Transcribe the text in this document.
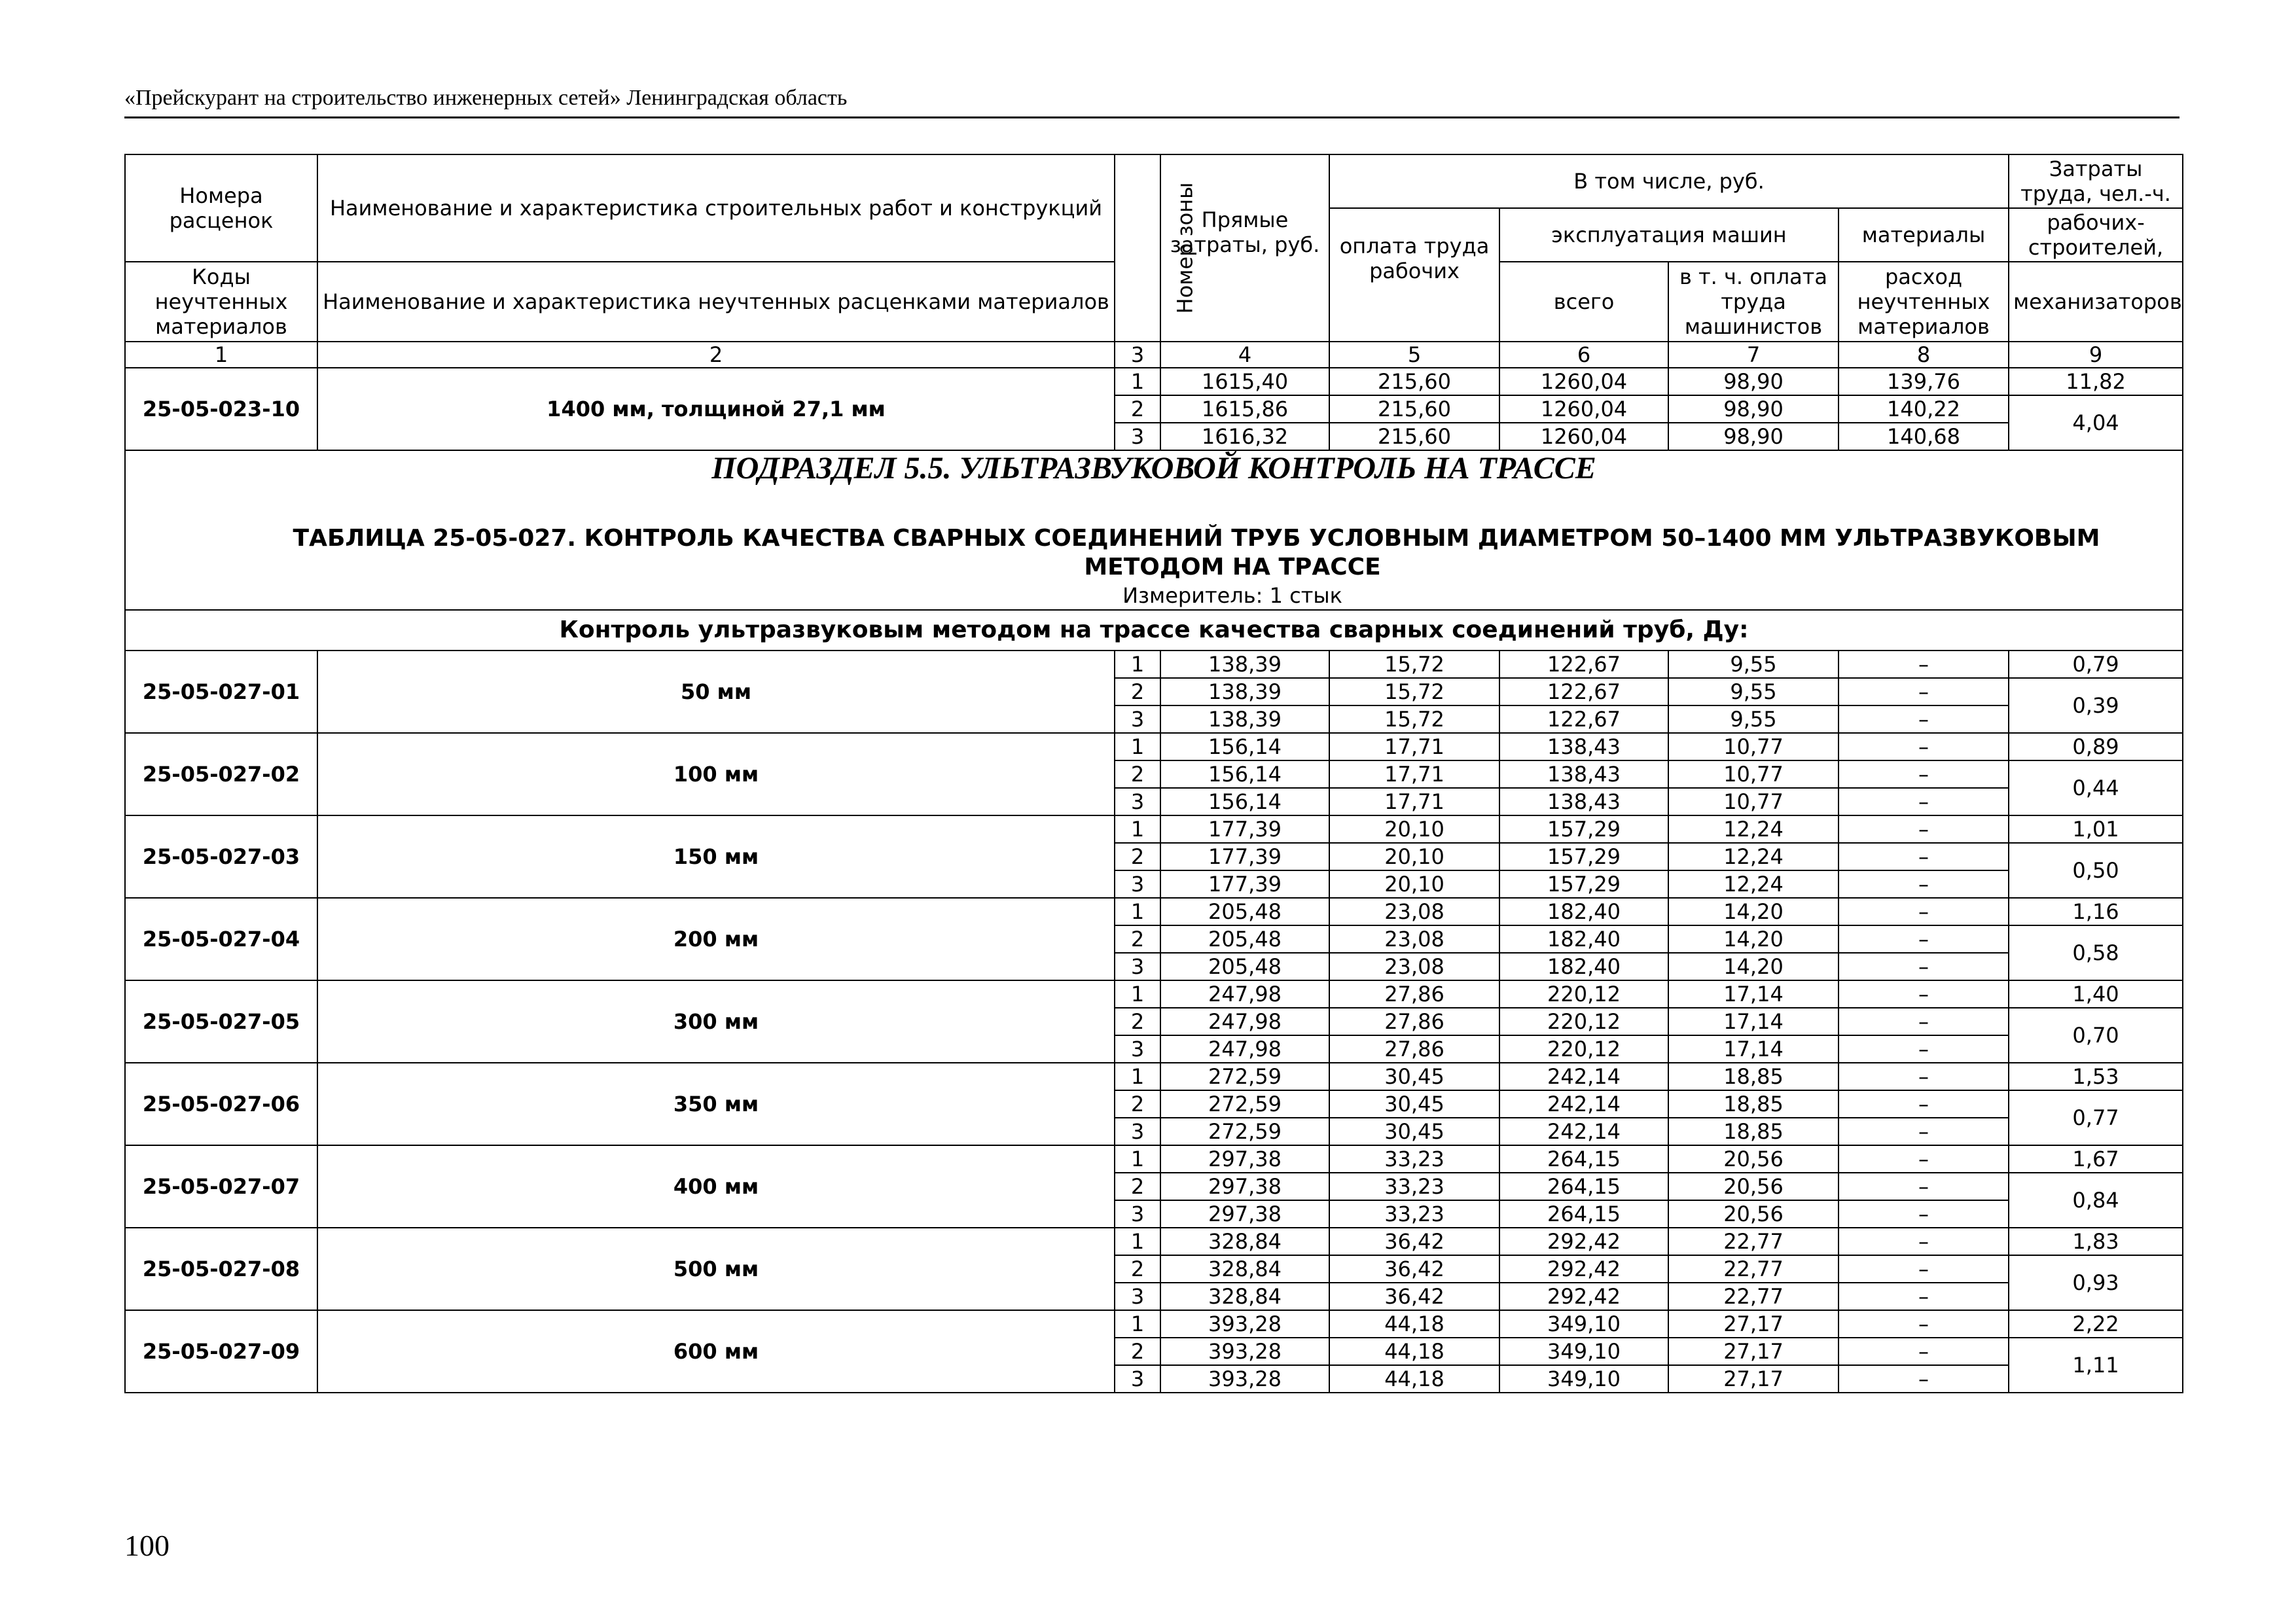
«Прейскурант на строительство инженерных сетей» Ленинградская область
Номера расценок	Наименование и характеристика строительных работ и конструкций	Номер зоны	Прямые затраты, руб.	В том числе, руб.				Затраты труда, чел.-ч.
				оплата труда рабочих	эксплуатация машин		материалы	рабочих-строителей,
Коды неучтенных материалов	Наименование и характеристика неучтенных расценками материалов				всего	в т. ч. оплата труда машинистов	расход неучтенных материалов	механизаторов
1	2	3	4	5	6	7	8	9
25-05-023-10	1400 мм, толщиной 27,1 мм	1	1615,40	215,60	1260,04	98,90	139,76	11,82
		2	1615,86	215,60	1260,04	98,90	140,22	4,04
		3	1616,32	215,60	1260,04	98,90	140,68	

ПОДРАЗДЕЛ 5.5. УЛЬТРАЗВУКОВОЙ КОНТРОЛЬ НА ТРАССЕ
ТАБЛИЦА 25-05-027. КОНТРОЛЬ КАЧЕСТВА СВАРНЫХ СОЕДИНЕНИЙ ТРУБ УСЛОВНЫМ ДИАМЕТРОМ 50–1400 ММ УЛЬТРАЗВУКОВЫМ
МЕТОДОМ НА ТРАССЕ
Измеритель: 1 стык								

Контроль ультразвуковым методом на трассе качества сварных соединений труб, Ду:								
25-05-027-01	50 мм	1	138,39	15,72	122,67	9,55	–	0,79
		2	138,39	15,72	122,67	9,55	–	0,39
		3	138,39	15,72	122,67	9,55	–	
25-05-027-02	100 мм	1	156,14	17,71	138,43	10,77	–	0,89
		2	156,14	17,71	138,43	10,77	–	0,44
		3	156,14	17,71	138,43	10,77	–	
25-05-027-03	150 мм	1	177,39	20,10	157,29	12,24	–	1,01
		2	177,39	20,10	157,29	12,24	–	0,50
		3	177,39	20,10	157,29	12,24	–	
25-05-027-04	200 мм	1	205,48	23,08	182,40	14,20	–	1,16
		2	205,48	23,08	182,40	14,20	–	0,58
		3	205,48	23,08	182,40	14,20	–	
25-05-027-05	300 мм	1	247,98	27,86	220,12	17,14	–	1,40
		2	247,98	27,86	220,12	17,14	–	0,70
		3	247,98	27,86	220,12	17,14	–	
25-05-027-06	350 мм	1	272,59	30,45	242,14	18,85	–	1,53
		2	272,59	30,45	242,14	18,85	–	0,77
		3	272,59	30,45	242,14	18,85	–	
25-05-027-07	400 мм	1	297,38	33,23	264,15	20,56	–	1,67
		2	297,38	33,23	264,15	20,56	–	0,84
		3	297,38	33,23	264,15	20,56	–	
25-05-027-08	500 мм	1	328,84	36,42	292,42	22,77	–	1,83
		2	328,84	36,42	292,42	22,77	–	0,93
		3	328,84	36,42	292,42	22,77	–	
25-05-027-09	600 мм	1	393,28	44,18	349,10	27,17	–	2,22
		2	393,28	44,18	349,10	27,17	–	1,11
		3	393,28	44,18	349,10	27,17	–	
100
